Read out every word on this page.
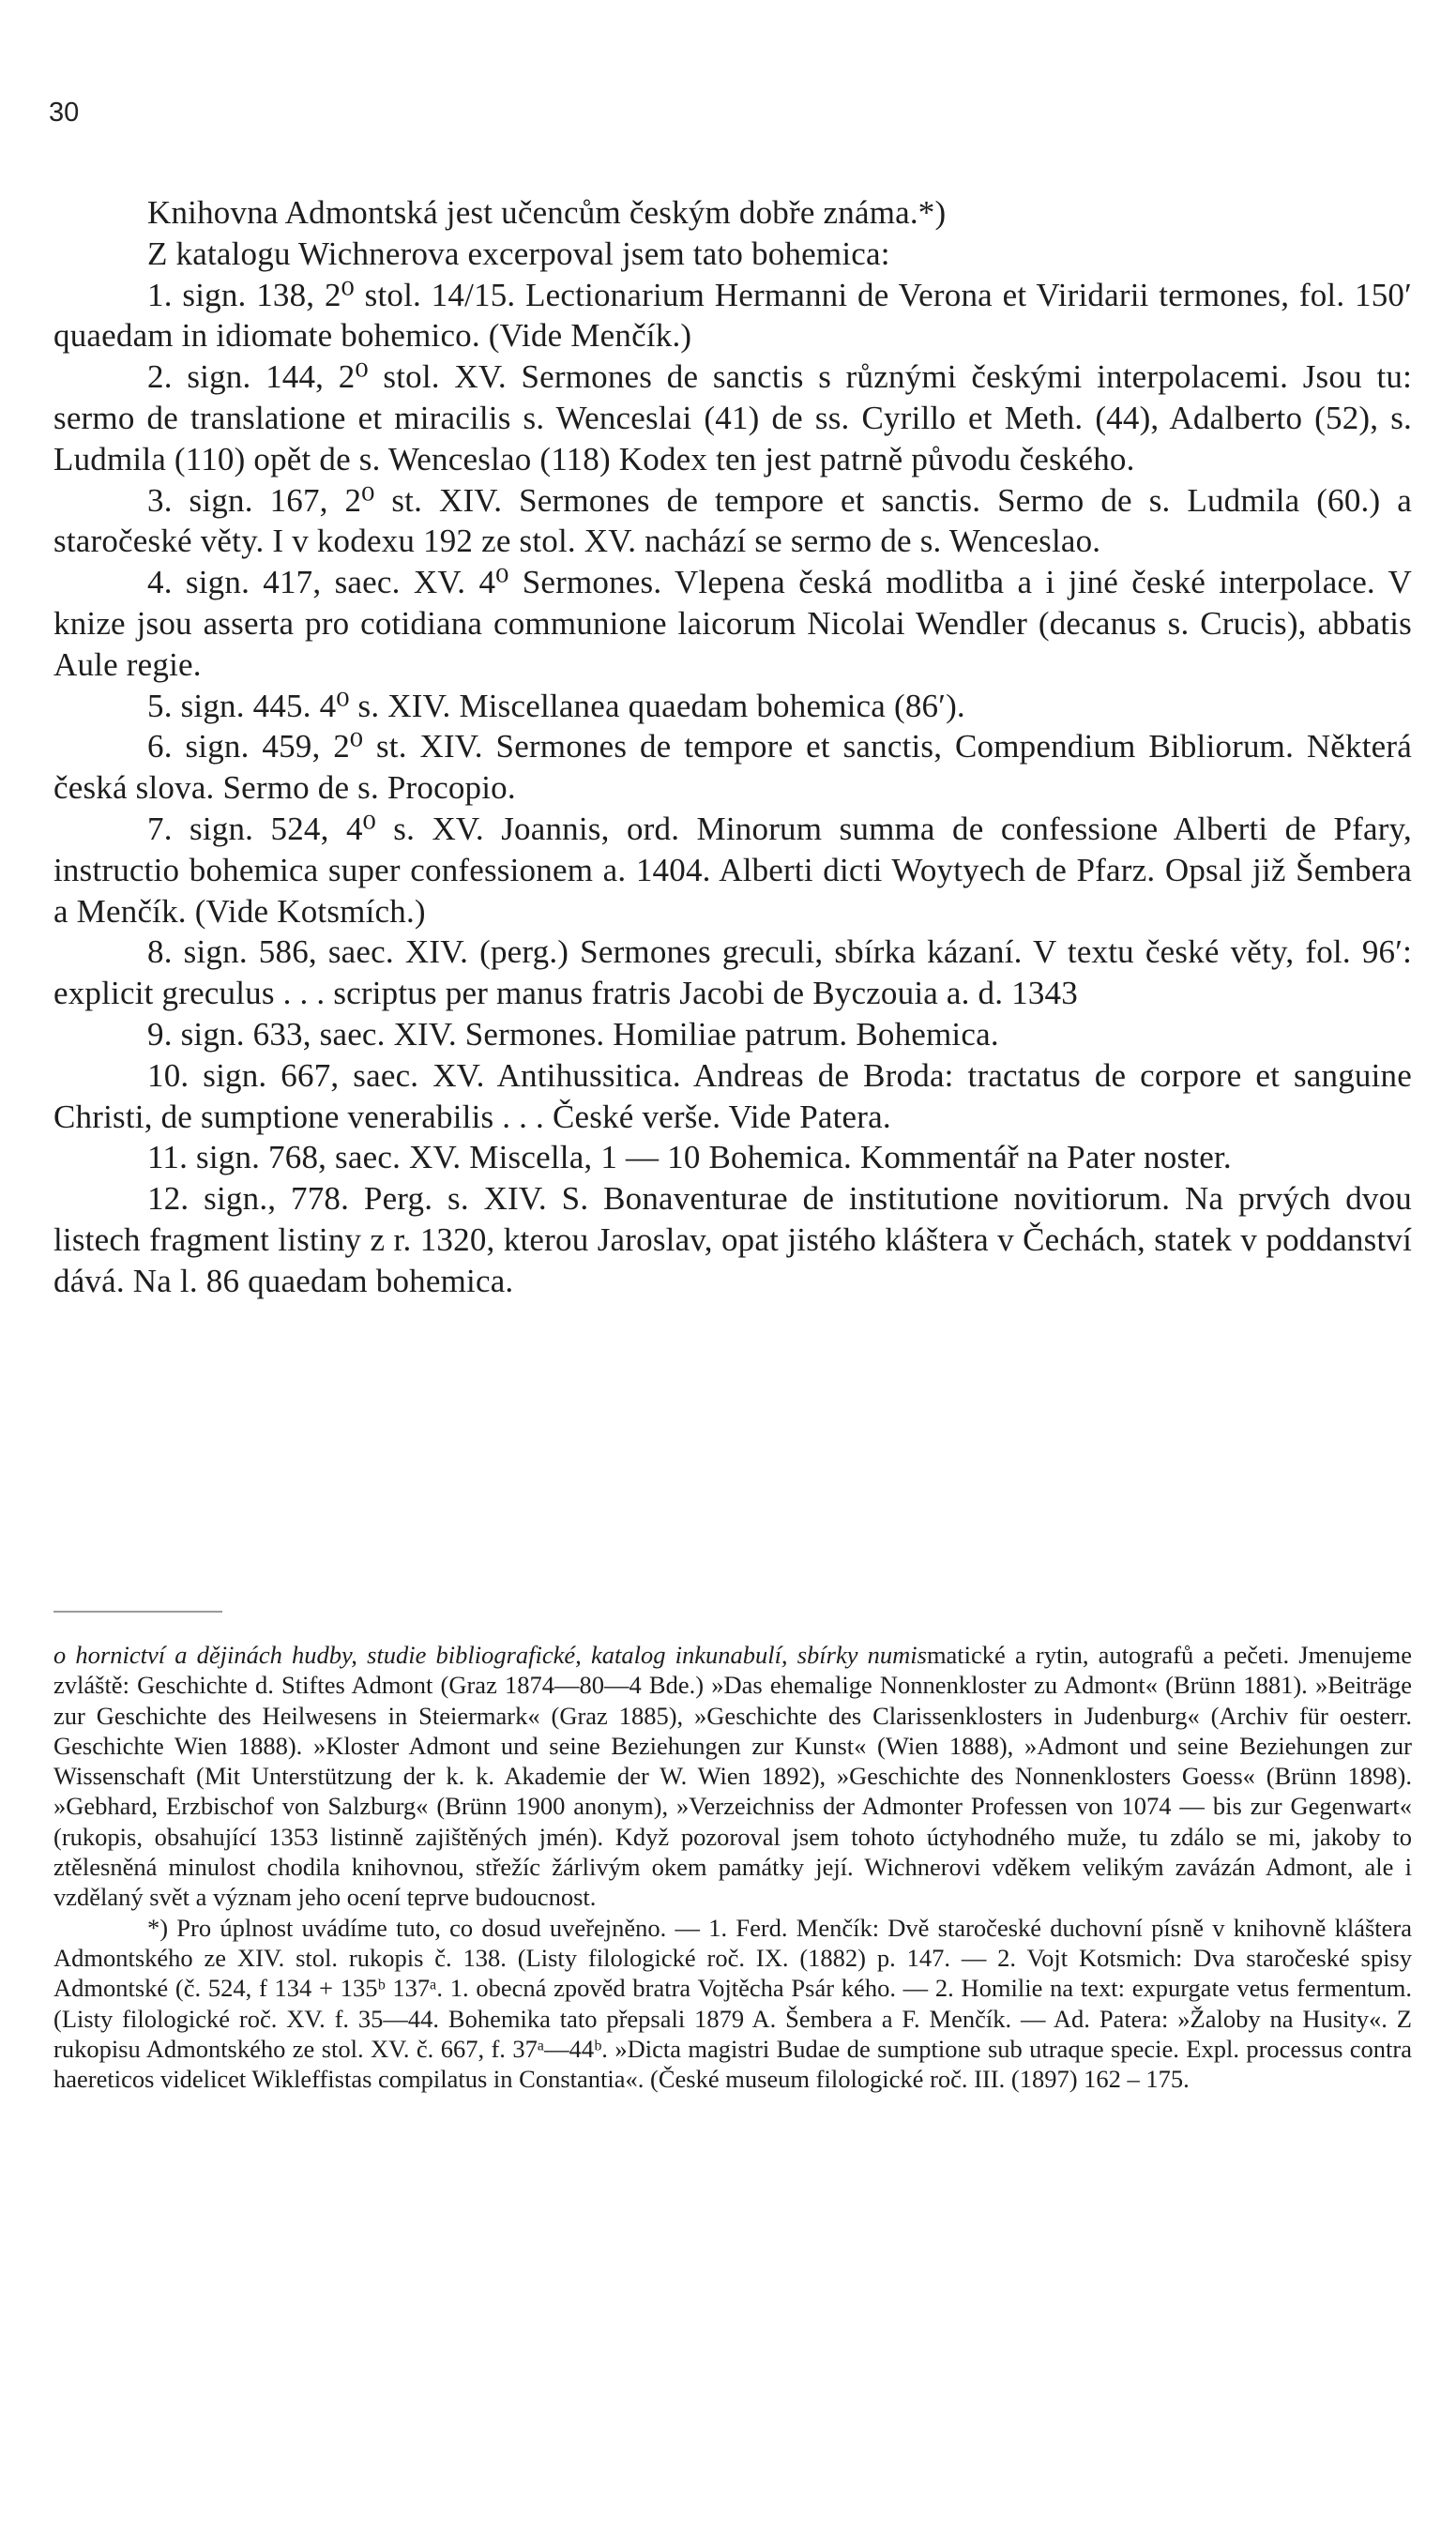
30

Knihovna Admontská jest učencům českým dobře známa.*)

Z katalogu Wichnerova excerpoval jsem tato bohemica:

1. sign. 138, 2⁰ stol. 14/15. Lectionarium Hermanni de Verona et Viridarii termones, fol. 150′ quaedam in idiomate bohemico. (Vide Menčík.)

2. sign. 144, 2⁰ stol. XV. Sermones de sanctis s různými českými interpolacemi. Jsou tu: sermo de translatione et miracilis s. Wenceslai (41) de ss. Cyrillo et Meth. (44), Adalberto (52), s. Ludmila (110) opět de s. Wenceslao (118) Kodex ten jest patrně původu českého.

3. sign. 167, 2⁰ st. XIV. Sermones de tempore et sanctis. Sermo de s. Ludmila (60.) a staročeské věty. I v kodexu 192 ze stol. XV. nachází se sermo de s. Wenceslao.

4. sign. 417, saec. XV. 4⁰ Sermones. Vlepena česká modlitba a i jiné české interpolace. V knize jsou asserta pro cotidiana communione laicorum Nicolai Wendler (decanus s. Crucis), abbatis Aule regie.

5. sign. 445. 4⁰ s. XIV. Miscellanea quaedam bohemica (86′).

6. sign. 459, 2⁰ st. XIV. Sermones de tempore et sanctis, Compendium Bibliorum. Některá česká slova. Sermo de s. Procopio.

7. sign. 524, 4⁰ s. XV. Joannis, ord. Minorum summa de confessione Alberti de Pfary, instructio bohemica super confessionem a. 1404. Alberti dicti Woytyech de Pfarz. Opsal již Šembera a Menčík. (Vide Kotsmích.)

8. sign. 586, saec. XIV. (perg.) Sermones greculi, sbírka kázaní. V textu české věty, fol. 96′: explicit greculus . . . scriptus per manus fratris Jacobi de Byczouia a. d. 1343

9. sign. 633, saec. XIV. Sermones. Homiliae patrum. Bohemica.

10. sign. 667, saec. XV. Antihussitica. Andreas de Broda: tractatus de corpore et sanguine Christi, de sumptione venerabilis . . . České verše. Vide Patera.

11. sign. 768, saec. XV. Miscella, 1 — 10 Bohemica. Kommentář na Pater noster.

12. sign., 778. Perg. s. XIV. S. Bonaventurae de institutione novitiorum. Na prvých dvou listech fragment listiny z r. 1320, kterou Jaroslav, opat jistého kláštera v Čechách, statek v poddanství dává. Na l. 86 quaedam bohemica.

o hornictví a dějinách hudby, studie bibliografické, katalog inkunabulí, sbírky numismatické a rytin, autografů a pečeti. Jmenujeme zvláště: Geschichte d. Stiftes Admont (Graz 1874—80—4 Bde.) »Das ehemalige Nonnenkloster zu Admont« (Brünn 1881). »Beiträge zur Geschichte des Heilwesens in Steiermark« (Graz 1885), »Geschichte des Clarissenklosters in Judenburg« (Archiv für oesterr. Geschichte Wien 1888). »Kloster Admont und seine Beziehungen zur Kunst« (Wien 1888), »Admont und seine Beziehungen zur Wissenschaft (Mit Unterstützung der k. k. Akademie der W. Wien 1892), »Geschichte des Nonnenklosters Goess« (Brünn 1898). »Gebhard, Erzbischof von Salzburg« (Brünn 1900 anonym), »Verzeichniss der Admonter Professen von 1074 — bis zur Gegenwart« (rukopis, obsahující 1353 listinně zajištěných jmén). Když pozoroval jsem tohoto úctyhodného muže, tu zdálo se mi, jakoby to ztělesněná minulost chodila knihovnou, střežíc žárlivým okem památky její. Wichnerovi vděkem velikým zavázán Admont, ale i vzdělaný svět a význam jeho ocení teprve budoucnost.

*) Pro úplnost uvádíme tuto, co dosud uveřejněno. — 1. Ferd. Menčík: Dvě staročeské duchovní písně v knihovně kláštera Admontského ze XIV. stol. rukopis č. 138. (Listy filologické roč. IX. (1882) p. 147. — 2. Vojt Kotsmich: Dva staročeské spisy Admontské (č. 524, f 134 + 135ᵇ 137ᵃ. 1. obecná zpověd bratra Vojtěcha Psár kého. — 2. Homilie na text: expurgate vetus fermentum. (Listy filologické roč. XV. f. 35—44. Bohemika tato přepsali 1879 A. Šembera a F. Menčík. — Ad. Patera: »Žaloby na Husity«. Z rukopisu Admontského ze stol. XV. č. 667, f. 37ᵃ—44ᵇ. »Dicta magistri Budae de sumptione sub utraque specie. Expl. processus contra haereticos videlicet Wikleffistas compilatus in Constantia«. (České museum filologické roč. III. (1897) 162 – 175.
